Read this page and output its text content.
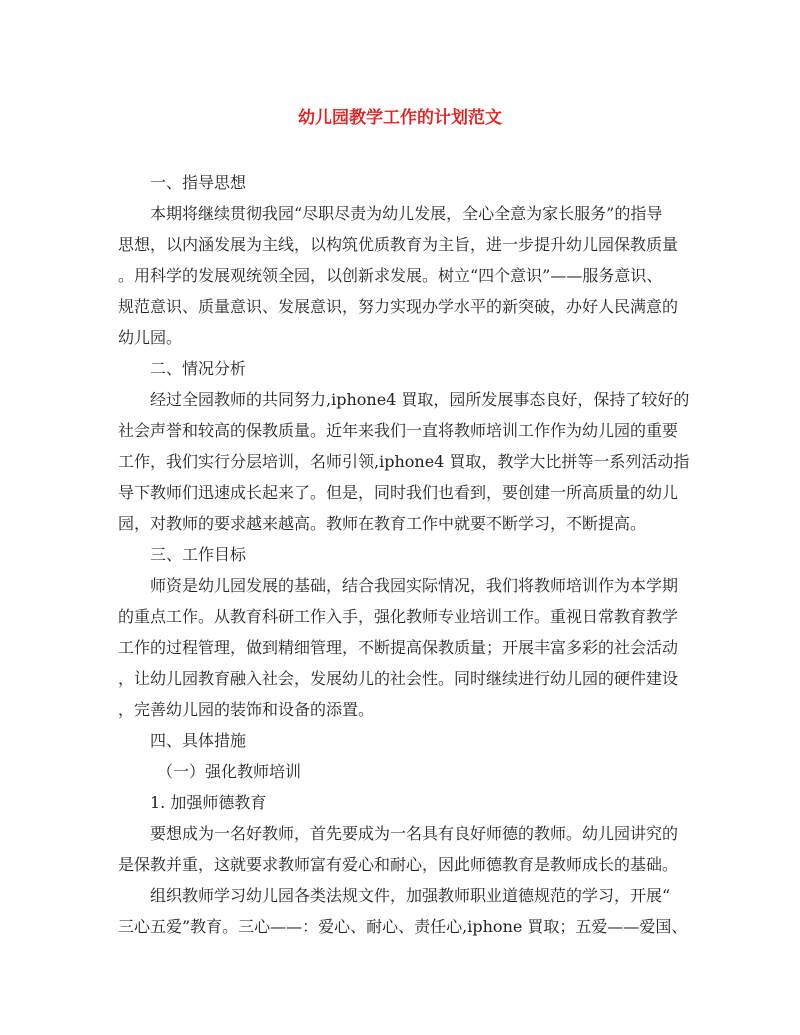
幼儿园教学工作的计划范文
一、指导思想
本期将继续贯彻我园“尽职尽责为幼儿发展，全心全意为家长服务”的指导
思想，以内涵发展为主线，以构筑优质教育为主旨，进一步提升幼儿园保教质量
。用科学的发展观统领全园，以创新求发展。树立“四个意识”——服务意识、
规范意识、质量意识、发展意识，努力实现办学水平的新突破，办好人民满意的
幼儿园。
二、情况分析
经过全园教师的共同努力,iphone4 買取，园所发展事态良好，保持了较好的
社会声誉和较高的保教质量。近年来我们一直将教师培训工作作为幼儿园的重要
工作，我们实行分层培训，名师引领,iphone4 買取，教学大比拼等一系列活动指
导下教师们迅速成长起来了。但是，同时我们也看到，要创建一所高质量的幼儿
园，对教师的要求越来越高。教师在教育工作中就要不断学习，不断提高。
三、工作目标
师资是幼儿园发展的基础，结合我园实际情况，我们将教师培训作为本学期
的重点工作。从教育科研工作入手，强化教师专业培训工作。重视日常教育教学
工作的过程管理，做到精细管理，不断提高保教质量；开展丰富多彩的社会活动
，让幼儿园教育融入社会，发展幼儿的社会性。同时继续进行幼儿园的硬件建设
，完善幼儿园的装饰和设备的添置。
四、具体措施
（一）强化教师培训
1. 加强师德教育
要想成为一名好教师，首先要成为一名具有良好师德的教师。幼儿园讲究的
是保教并重，这就要求教师富有爱心和耐心，因此师德教育是教师成长的基础。
组织教师学习幼儿园各类法规文件，加强教师职业道德规范的学习，开展“
三心五爱”教育。三心——：爱心、耐心、责任心,iphone 買取；五爱——爱国、
